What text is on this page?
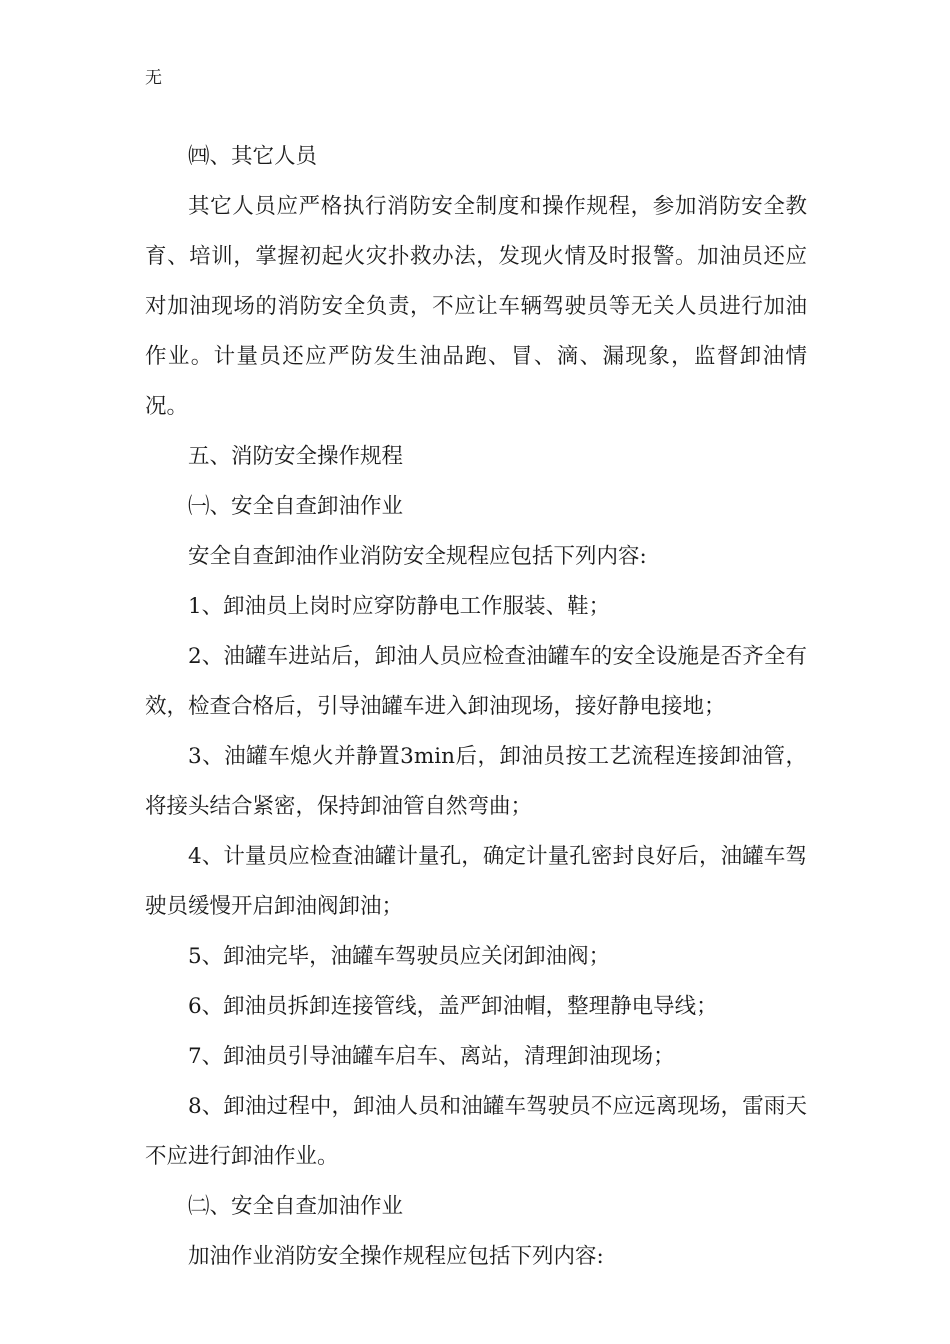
无

㈣、其它人员

其它人员应严格执行消防安全制度和操作规程，参加消防安全教育、培训，掌握初起火灾扑救办法，发现火情及时报警。加油员还应对加油现场的消防安全负责，不应让车辆驾驶员等无关人员进行加油作业。计量员还应严防发生油品跑、冒、滴、漏现象，监督卸油情况。

五、消防安全操作规程

㈠、安全自查卸油作业

安全自查卸油作业消防安全规程应包括下列内容:

1、卸油员上岗时应穿防静电工作服装、鞋；

2、油罐车进站后，卸油人员应检查油罐车的安全设施是否齐全有效，检查合格后，引导油罐车进入卸油现场，接好静电接地；

3、油罐车熄火并静置3min后，卸油员按工艺流程连接卸油管，将接头结合紧密，保持卸油管自然弯曲；

4、计量员应检查油罐计量孔，确定计量孔密封良好后，油罐车驾驶员缓慢开启卸油阀卸油；

5、卸油完毕，油罐车驾驶员应关闭卸油阀；

6、卸油员拆卸连接管线，盖严卸油帽，整理静电导线；

7、卸油员引导油罐车启车、离站，清理卸油现场；

8、卸油过程中，卸油人员和油罐车驾驶员不应远离现场，雷雨天不应进行卸油作业。

㈡、安全自查加油作业

加油作业消防安全操作规程应包括下列内容:
